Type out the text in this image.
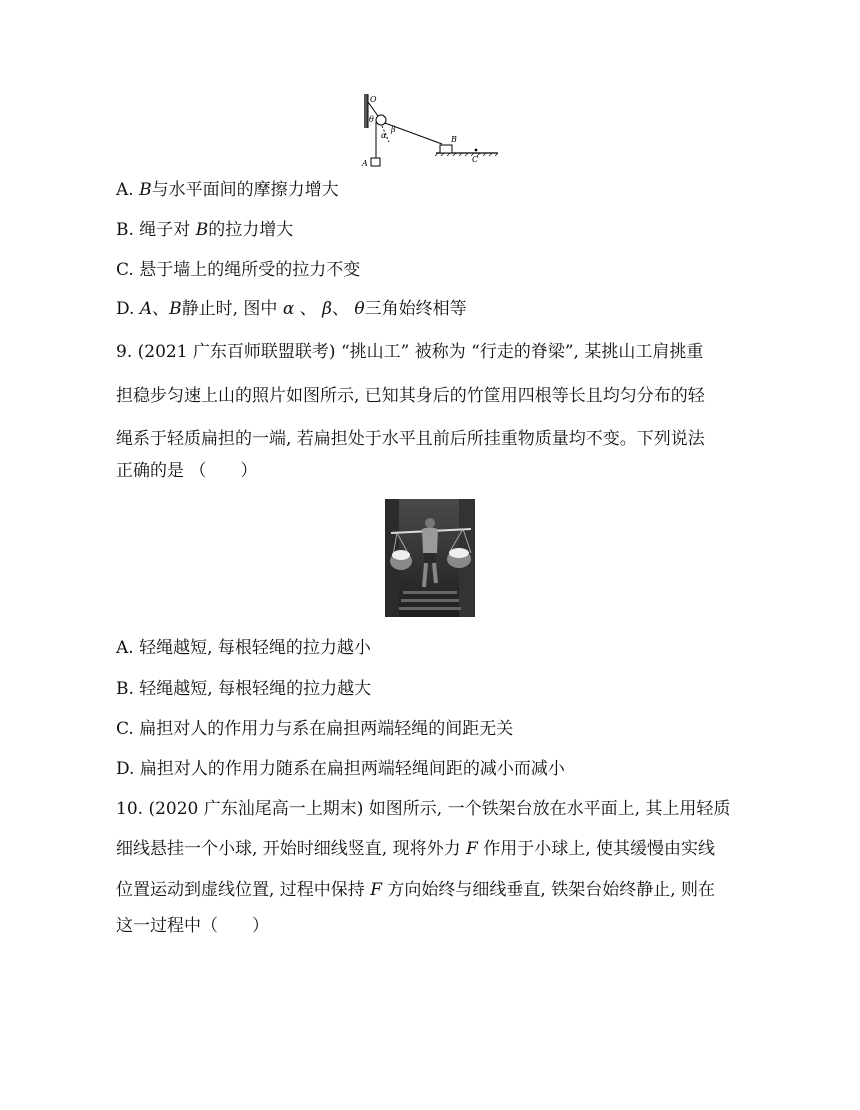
O
θ
α
β
A
B
C
A. B与水平面间的摩擦力增大
B. 绳子对 B的拉力增大
C. 悬于墙上的绳所受的拉力不变
D. A、B静止时, 图中 α 、 β、 θ三角始终相等
9. (2021 广东百师联盟联考) “挑山工” 被称为 “行走的脊梁”, 某挑山工肩挑重
担稳步匀速上山的照片如图所示, 已知其身后的竹筐用四根等长且均匀分布的轻
绳系于轻质扁担的一端, 若扁担处于水平且前后所挂重物质量均不变。下列说法
正确的是 （　　）
A. 轻绳越短, 每根轻绳的拉力越小
B. 轻绳越短, 每根轻绳的拉力越大
C. 扁担对人的作用力与系在扁担两端轻绳的间距无关
D. 扁担对人的作用力随系在扁担两端轻绳间距的减小而减小
10. (2020 广东汕尾高一上期末) 如图所示, 一个铁架台放在水平面上, 其上用轻质
细线悬挂一个小球, 开始时细线竖直, 现将外力 F 作用于小球上, 使其缓慢由实线
位置运动到虚线位置, 过程中保持 F 方向始终与细线垂直, 铁架台始终静止, 则在
这一过程中（　　）
